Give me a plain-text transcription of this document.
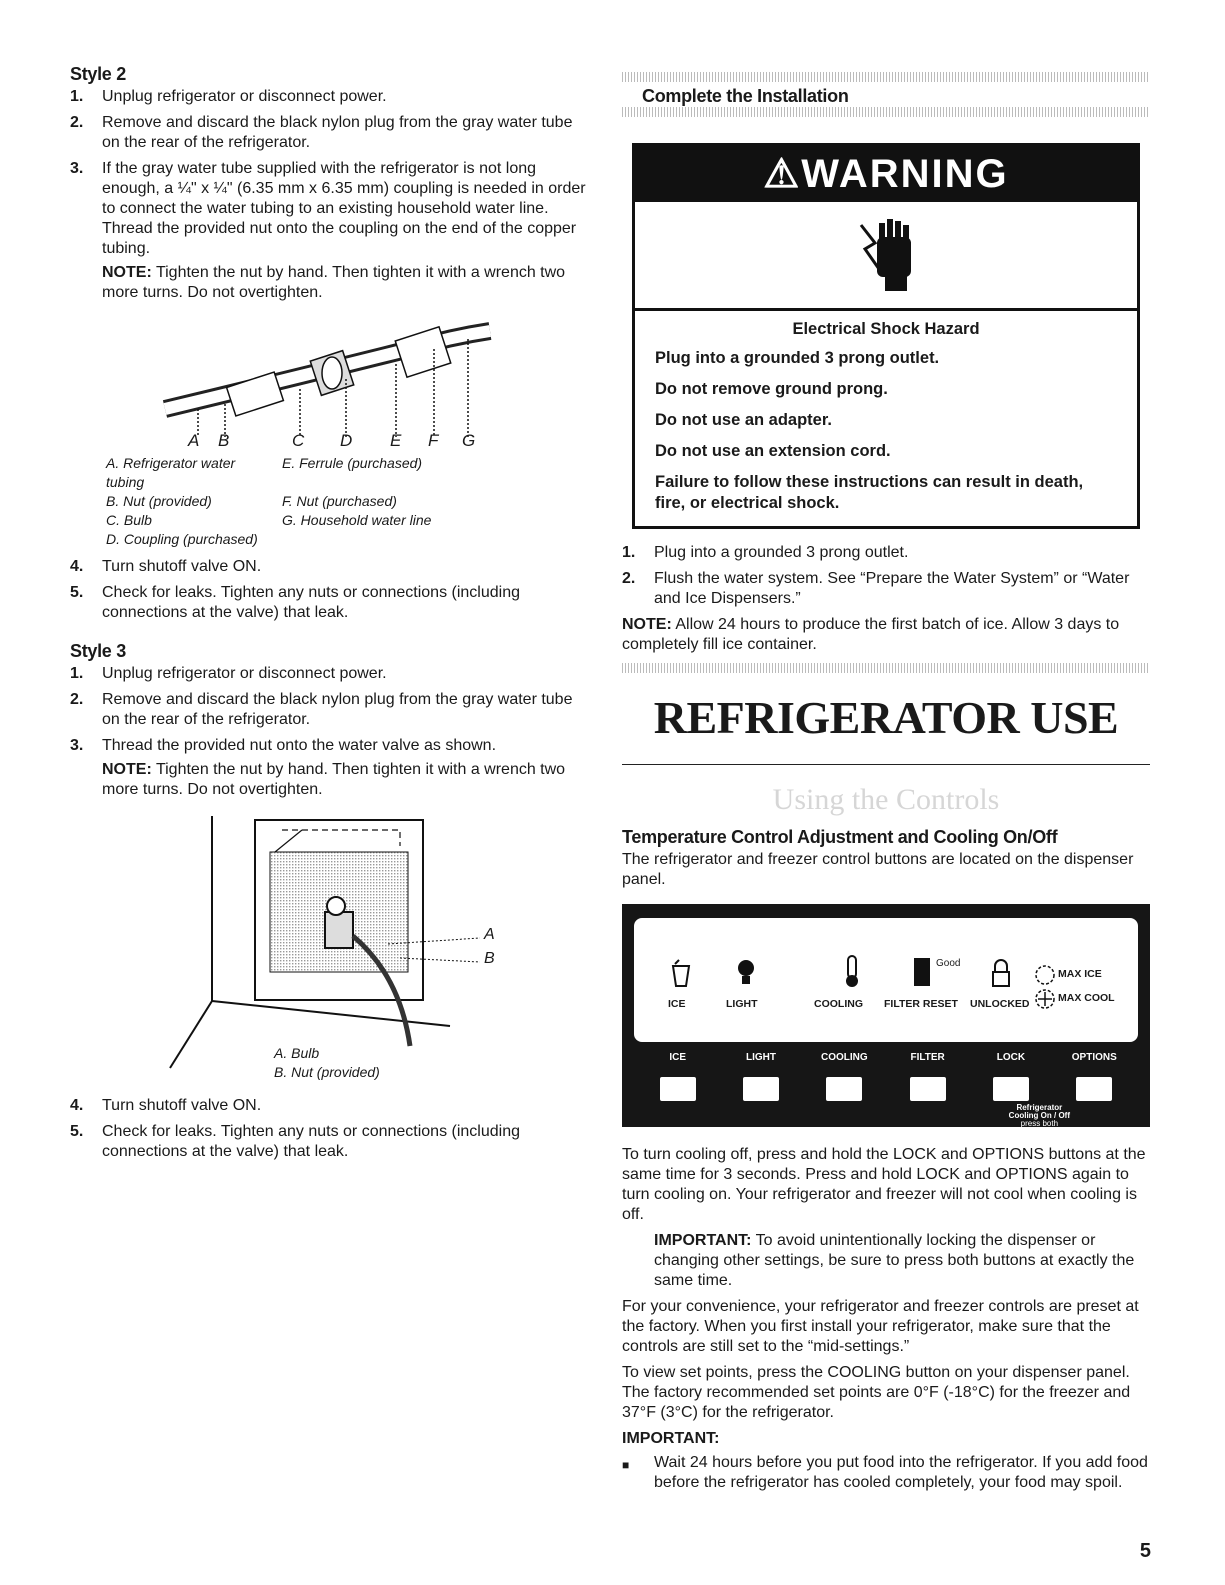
Style 2
1.	Unplug refrigerator or disconnect power.
2.	Remove and discard the black nylon plug from the gray water tube on the rear of the refrigerator.
3.	If the gray water tube supplied with the refrigerator is not long enough, a ¼" x ¼" (6.35 mm x 6.35 mm) coupling is needed in order to connect the water tubing to an existing household water line. Thread the provided nut onto the coupling on the end of the copper tubing.
NOTE: Tighten the nut by hand. Then tighten it with a wrench two more turns. Do not overtighten.
A B	C D E F G
A. Refrigerator water tubing
E. Ferrule (purchased)
B. Nut (provided)	F. Nut (purchased)
C. Bulb	G. Household water line
D. Coupling (purchased)
4.	Turn shutoff valve ON.
5.	Check for leaks. Tighten any nuts or connections (including connections at the valve) that leak.
Style 3
1.	Unplug refrigerator or disconnect power.
2.	Remove and discard the black nylon plug from the gray water tube on the rear of the refrigerator.
3.	Thread the provided nut onto the water valve as shown.
NOTE: Tighten the nut by hand. Then tighten it with a wrench two more turns. Do not overtighten.
A
B
A. Bulb
B. Nut (provided)
4.	Turn shutoff valve ON.
5.	Check for leaks. Tighten any nuts or connections (including connections at the valve) that leak.
Complete the Installation
⚠WARNING

Electrical Shock Hazard

Plug into a grounded 3 prong outlet.

Do not remove ground prong.

Do not use an adapter.

Do not use an extension cord.

Failure to follow these instructions can result in death, fire, or electrical shock.

1.	Plug into a grounded 3 prong outlet.
2.	Flush the water system. See “Prepare the Water System” or “Water and Ice Dispensers.”
NOTE: Allow 24 hours to produce the first batch of ice. Allow 3 days to completely fill ice container.
REFRIGERATOR USE
Using the Controls
Temperature Control Adjustment and Cooling On/Off
The refrigerator and freezer control buttons are located on the dispenser panel.
Good
MAX ICE
MAX COOL
ICE	LIGHT	COOLING FILTER RESET UNLOCKED
ICE	LIGHT	COOLING	FILTER	LOCK	OPTIONS
Refrigerator
Cooling On / Off
press both
To turn cooling off, press and hold the LOCK and OPTIONS buttons at the same time for 3 seconds. Press and hold LOCK and OPTIONS again to turn cooling on. Your refrigerator and freezer will not cool when cooling is off.
IMPORTANT: To avoid unintentionally locking the dispenser or changing other settings, be sure to press both buttons at exactly the same time.
For your convenience, your refrigerator and freezer controls are preset at the factory. When you first install your refrigerator, make sure that the controls are still set to the “mid-settings.”
To view set points, press the COOLING button on your dispenser panel. The factory recommended set points are 0°F (-18°C) for the freezer and 37°F (3°C) for the refrigerator.
IMPORTANT:
■	Wait 24 hours before you put food into the refrigerator. If you add food before the refrigerator has cooled completely, your food may spoil.
5
